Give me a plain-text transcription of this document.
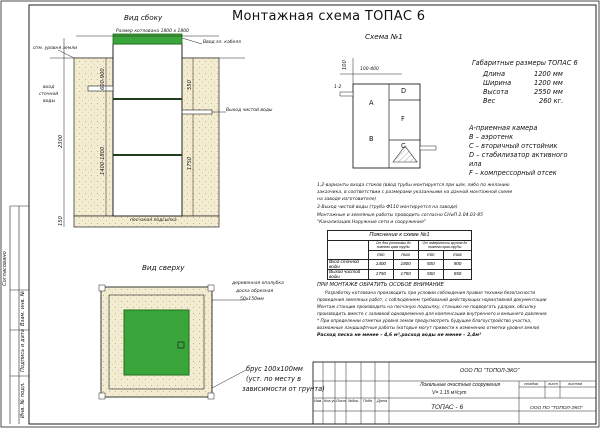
Монтажная схема ТОПАС 6
Вид сбоку
Вид сверху
Схема №1
Размер котлована 1800 х 1800
отм. уровня земли
Ввод эл. кабеля
вход
сточной
воды
Выход чистой воды
песчаная подсыпка
2300
600-900
1400-1800	1750
550
150
деревянная опалубка
доска обрезная
50х150мм
брус 100х100мм
(уст. по месту в
зависимости от грунта)
100-400
100
1-2
A
B
D
F
C
Габаритные размеры ТОПАС 6
Длина	1200 мм
Ширина	1200 мм
Высота	2550 мм
Вес	260 кг.
А-приемная камера
В – аэротенк
С – вторичный отстойник
D – стабилизатор активного
ила
F – компрессорный отсек
1,2-варианты входа стоков (ввод трубы монтируется при ш/м, либо по желанию
заказчика, в соответствии с размерами указанными на данной монтажной схеме
на заводе изготовителе)
3-Выход чистой воды (труба Ф110 монтируется на заводе)
Монтажные и земляные работы проводить согласно СНиП 2.04.03-85
"Канализация.Наружные сети и сооружения"
Пояснение к схеме №1				
	От дна установки до нижнего края трубы		От поверхности грунта до нижнего края трубы	
	min	max	min	max
Вход сточной воды	1400	1800	500	900
Выход чистой воды	1750	1750	550	550
ПРИ МОНТАЖЕ ОБРАТИТЬ ОСОБОЕ ВНИМАНИЕ
Разработку котлована производить при условии соблюдения правил техники безопасности
проведения земляных работ, с соблюдением требований действующих нормативной документации
Монтаж станции производить на песчаную подсыпку, станцию не подвергать ударам, обсыпку
производить вместе с заливкой одновременно для компенсации внутреннего и внешнего давления.
* При определении отметки уровня земли предусмотреть будущее благоустройство участка,
возможные ландшафтные работы (которые могут привести к изменению отметки уровня земли)
Расход песка не менее – 4,6 м³,расход воды не менее – 2,4м³
Изм. Кол.уч Лист №док. Подп. Дата
ООО ПО "ТОПОЛ-ЭКО"
Локальные очистные сооружения
V= 1.15 м³/сут
стадия лист	листов
ТОПАС - 6	ООО ПО "ТОПОЛ-ЭКО"
Согласовано
Взам. инв. №
Подпись и дата
Инв. № подл.
